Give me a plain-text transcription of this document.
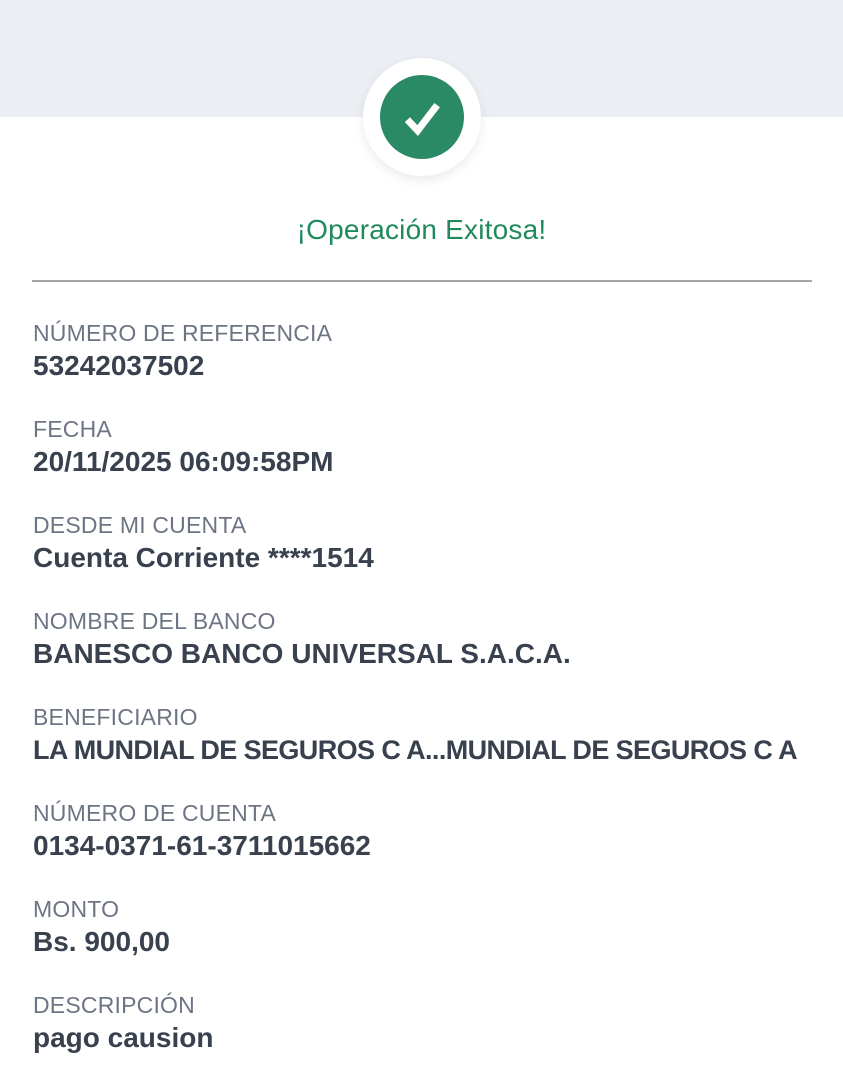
¡Operación Exitosa!
NÚMERO DE REFERENCIA
53242037502
FECHA
20/11/2025 06:09:58PM
DESDE MI CUENTA
Cuenta Corriente ****1514
NOMBRE DEL BANCO
BANESCO BANCO UNIVERSAL S.A.C.A.
BENEFICIARIO
LA MUNDIAL DE SEGUROS C A...MUNDIAL DE SEGUROS C A
NÚMERO DE CUENTA
0134-0371-61-3711015662
MONTO
Bs. 900,00
DESCRIPCIÓN
pago causion
